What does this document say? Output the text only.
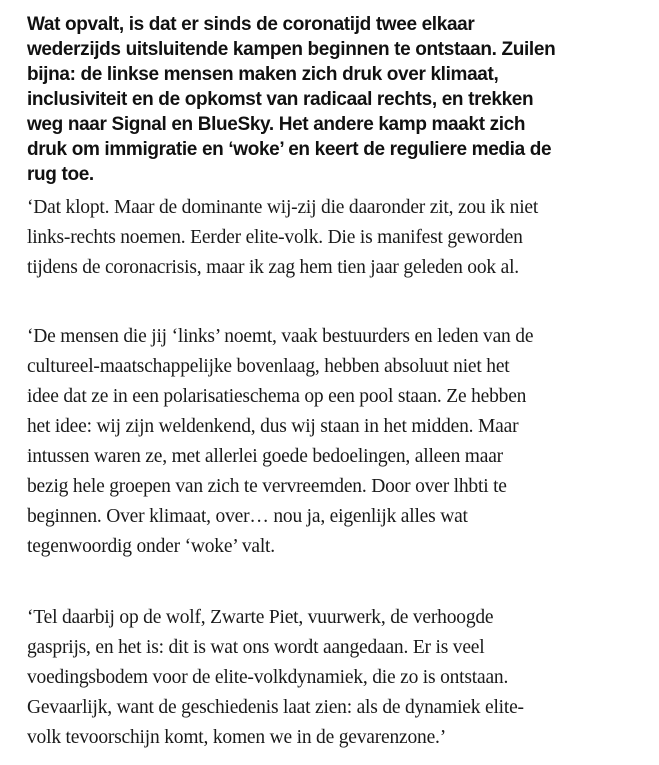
Wat opvalt, is dat er sinds de coronatijd twee elkaar
wederzijds uitsluitende kampen beginnen te ontstaan. Zuilen
bijna: de linkse mensen maken zich druk over klimaat,
inclusiviteit en de opkomst van radicaal rechts, en trekken
weg naar Signal en BlueSky. Het andere kamp maakt zich
druk om immigratie en ‘woke’ en keert de reguliere media de
rug toe.
‘Dat klopt. Maar de dominante wij-zij die daaronder zit, zou ik niet
links-rechts noemen. Eerder elite-volk. Die is manifest geworden
tijdens de coronacrisis, maar ik zag hem tien jaar geleden ook al.
‘De mensen die jij ‘links’ noemt, vaak bestuurders en leden van de
cultureel-maatschappelijke bovenlaag, hebben absoluut niet het
idee dat ze in een polarisatieschema op een pool staan. Ze hebben
het idee: wij zijn weldenkend, dus wij staan in het midden. Maar
intussen waren ze, met allerlei goede bedoelingen, alleen maar
bezig hele groepen van zich te vervreemden. Door over lhbti te
beginnen. Over klimaat, over… nou ja, eigenlijk alles wat
tegenwoordig onder ‘woke’ valt.
‘Tel daarbij op de wolf, Zwarte Piet, vuurwerk, de verhoogde
gasprijs, en het is: dit is wat ons wordt aangedaan. Er is veel
voedingsbodem voor de elite-volkdynamiek, die zo is ontstaan.
Gevaarlijk, want de geschiedenis laat zien: als de dynamiek elite-
volk tevoorschijn komt, komen we in de gevarenzone.’
